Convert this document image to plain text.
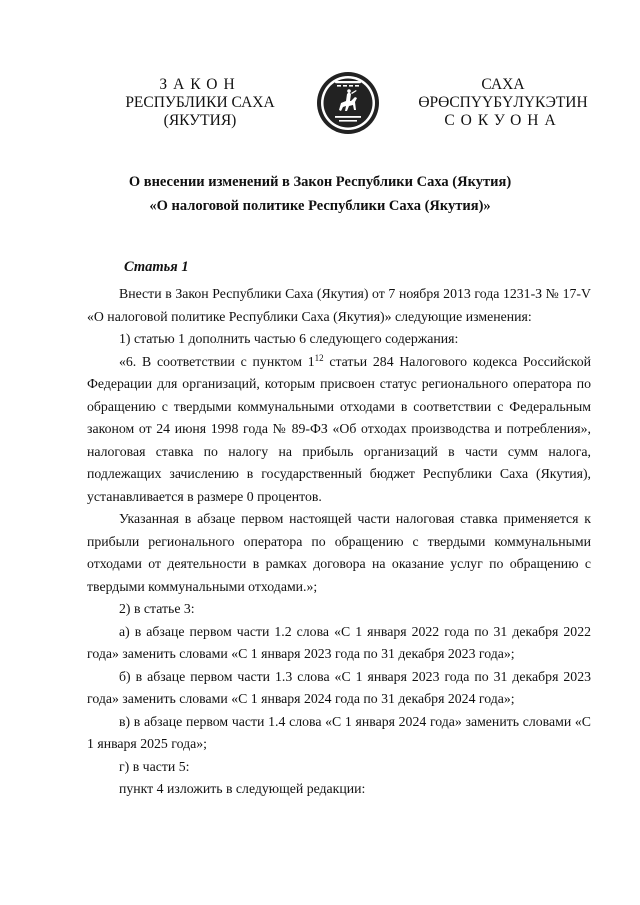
ЗАКОН
РЕСПУБЛИКИ САХА (ЯКУТИЯ)
САХА ӨРӨСПҮҮБҮЛҮКЭТИН
СОКУОНА
О внесении изменений в Закон Республики Саха (Якутия)
«О налоговой политике Республики Саха (Якутия)»
Статья 1

Внести в Закон Республики Саха (Якутия) от 7 ноября 2013 года 1231-З № 17-V «О налоговой политике Республики Саха (Якутия)» следующие изменения:

1) статью 1 дополнить частью 6 следующего содержания:

«6. В соответствии с пунктом $1^{12}$ статьи 284 Налогового кодекса Российской Федерации для организаций, которым присвоен статус регионального оператора по обращению с твердыми коммунальными отходами в соответствии с Федеральным законом от 24 июня 1998 года № 89-ФЗ «Об отходах производства и потребления», налоговая ставка по налогу на прибыль организаций в части сумм налога, подлежащих зачислению в государственный бюджет Республики Саха (Якутия), устанавливается в размере 0 процентов.

Указанная в абзаце первом настоящей части налоговая ставка применяется к прибыли регионального оператора по обращению с твердыми коммунальными отходами от деятельности в рамках договора на оказание услуг по обращению с твердыми коммунальными отходами.»;

2) в статье 3:

а) в абзаце первом части 1.2 слова «С 1 января 2022 года по 31 декабря 2022 года» заменить словами «С 1 января 2023 года по 31 декабря 2023 года»;

б) в абзаце первом части 1.3 слова «С 1 января 2023 года по 31 декабря 2023 года» заменить словами «С 1 января 2024 года по 31 декабря 2024 года»;

в) в абзаце первом части 1.4 слова «С 1 января 2024 года» заменить словами «С 1 января 2025 года»;

г) в части 5:

пункт 4 изложить в следующей редакции:
